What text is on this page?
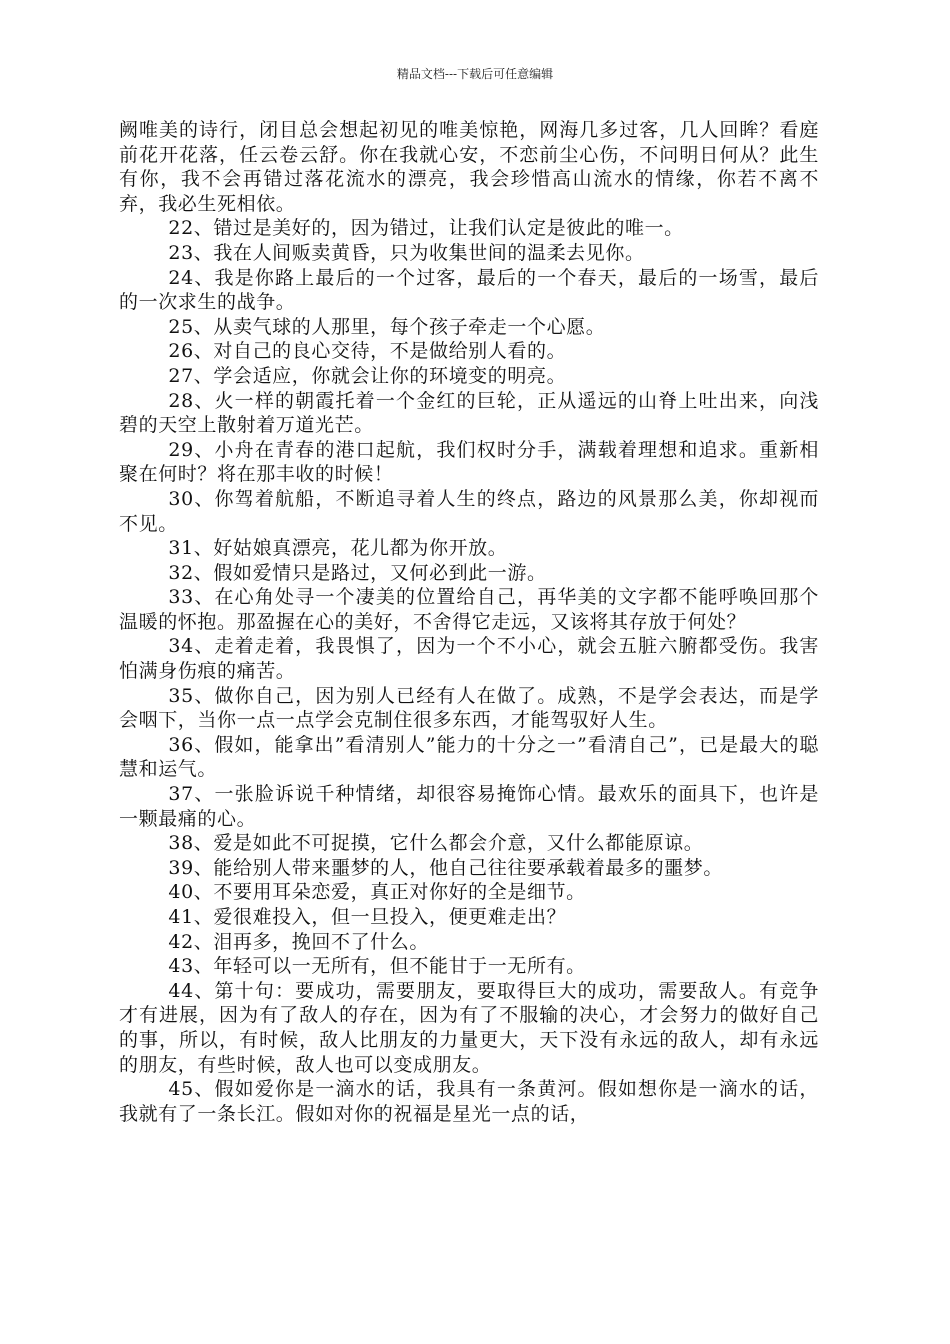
精品文档---下载后可任意编辑

阙唯美的诗行，闭目总会想起初见的唯美惊艳，网海几多过客，几人回眸？看庭前花开花落，任云卷云舒。你在我就心安，不恋前尘心伤，不问明日何从？此生有你，我不会再错过落花流水的漂亮，我会珍惜高山流水的情缘，你若不离不弃，我必生死相依。

22、错过是美好的，因为错过，让我们认定是彼此的唯一。

23、我在人间贩卖黄昏，只为收集世间的温柔去见你。

24、我是你路上最后的一个过客，最后的一个春天，最后的一场雪，最后的一次求生的战争。

25、从卖气球的人那里，每个孩子牵走一个心愿。

26、对自己的良心交待，不是做给别人看的。

27、学会适应，你就会让你的环境变的明亮。

28、火一样的朝霞托着一个金红的巨轮，正从遥远的山脊上吐出来，向浅碧的天空上散射着万道光芒。

29、小舟在青春的港口起航，我们权时分手，满载着理想和追求。重新相聚在何时？将在那丰收的时候！

30、你驾着航船，不断追寻着人生的终点，路边的风景那么美，你却视而不见。

31、好姑娘真漂亮，花儿都为你开放。

32、假如爱情只是路过，又何必到此一游。

33、在心角处寻一个凄美的位置给自己，再华美的文字都不能呼唤回那个温暖的怀抱。那盈握在心的美好，不舍得它走远，又该将其存放于何处？

34、走着走着，我畏惧了，因为一个不小心，就会五脏六腑都受伤。我害怕满身伤痕的痛苦。

35、做你自己，因为别人已经有人在做了。成熟，不是学会表达，而是学会咽下，当你一点一点学会克制住很多东西，才能驾驭好人生。

36、假如，能拿出”看清别人”能力的十分之一”看清自己”，已是最大的聪慧和运气。

37、一张脸诉说千种情绪，却很容易掩饰心情。最欢乐的面具下，也许是一颗最痛的心。

38、爱是如此不可捉摸，它什么都会介意，又什么都能原谅。

39、能给别人带来噩梦的人，他自己往往要承载着最多的噩梦。

40、不要用耳朵恋爱，真正对你好的全是细节。

41、爱很难投入，但一旦投入，便更难走出？

42、泪再多，挽回不了什么。

43、年轻可以一无所有，但不能甘于一无所有。

44、第十句：要成功，需要朋友，要取得巨大的成功，需要敌人。有竞争才有进展，因为有了敌人的存在，因为有了不服输的决心，才会努力的做好自己的事，所以，有时候，敌人比朋友的力量更大，天下没有永远的敌人，却有永远的朋友，有些时候，敌人也可以变成朋友。

45、假如爱你是一滴水的话，我具有一条黄河。假如想你是一滴水的话，我就有了一条长江。假如对你的祝福是星光一点的话，
